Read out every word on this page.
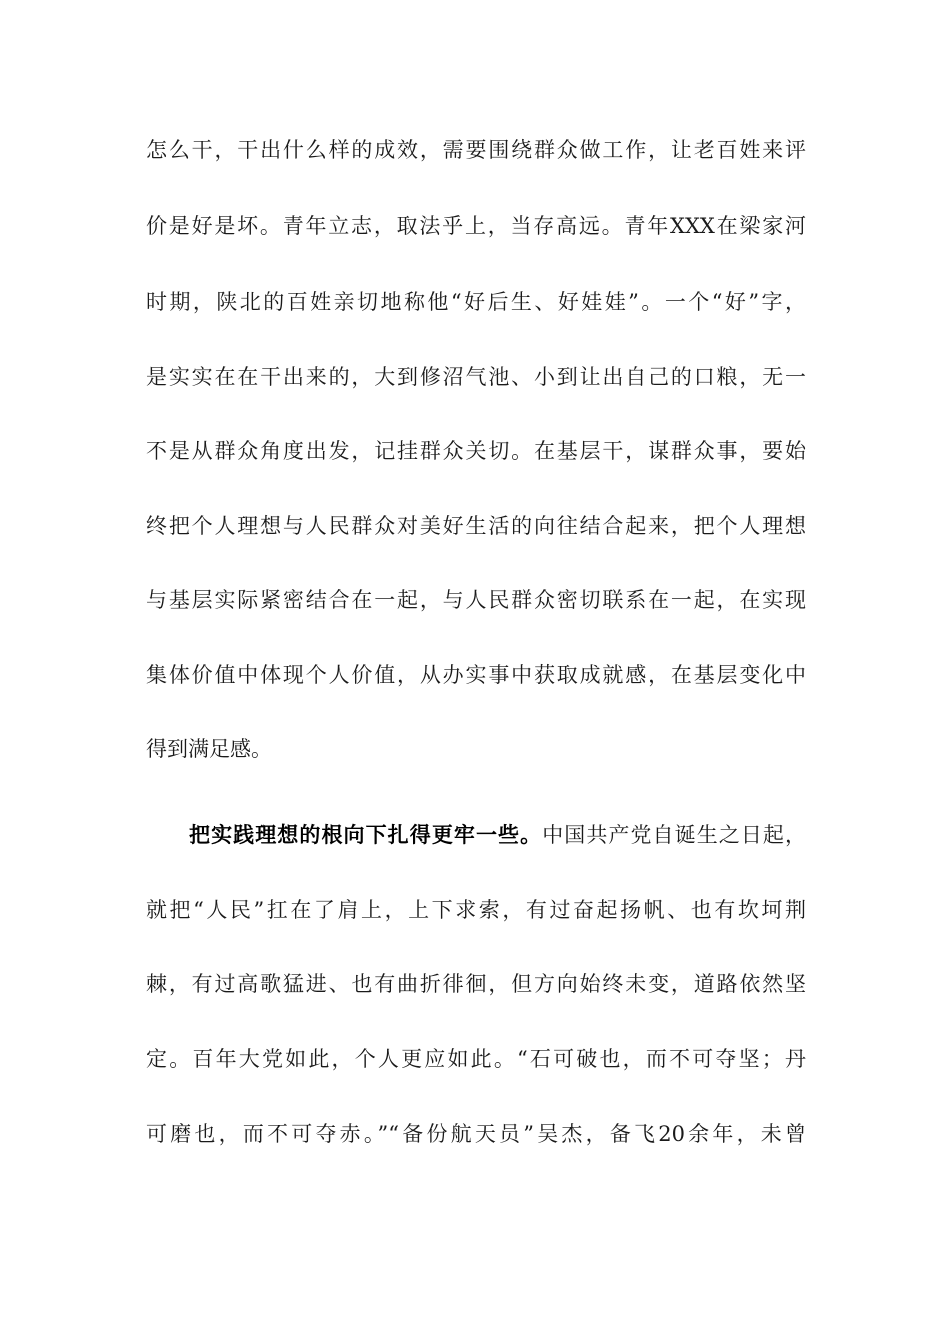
怎么干，干出什么样的成效，需要围绕群众做工作，让老百姓来评
价是好是坏。青年立志，取法乎上，当存高远。青年XXX在梁家河
时期，陕北的百姓亲切地称他“好后生、好娃娃”。一个“好”字，
是实实在在干出来的，大到修沼气池、小到让出自己的口粮，无一
不是从群众角度出发，记挂群众关切。在基层干，谋群众事，要始
终把个人理想与人民群众对美好生活的向往结合起来，把个人理想
与基层实际紧密结合在一起，与人民群众密切联系在一起，在实现
集体价值中体现个人价值，从办实事中获取成就感，在基层变化中
得到满足感。
把实践理想的根向下扎得更牢一些。中国共产党自诞生之日起，
就把“人民”扛在了肩上，上下求索，有过奋起扬帆、也有坎坷荆
棘，有过高歌猛进、也有曲折徘徊，但方向始终未变，道路依然坚
定。百年大党如此，个人更应如此。“石可破也，而不可夺坚；丹
可磨也，而不可夺赤。”“备份航天员”吴杰，备飞20余年，未曾
